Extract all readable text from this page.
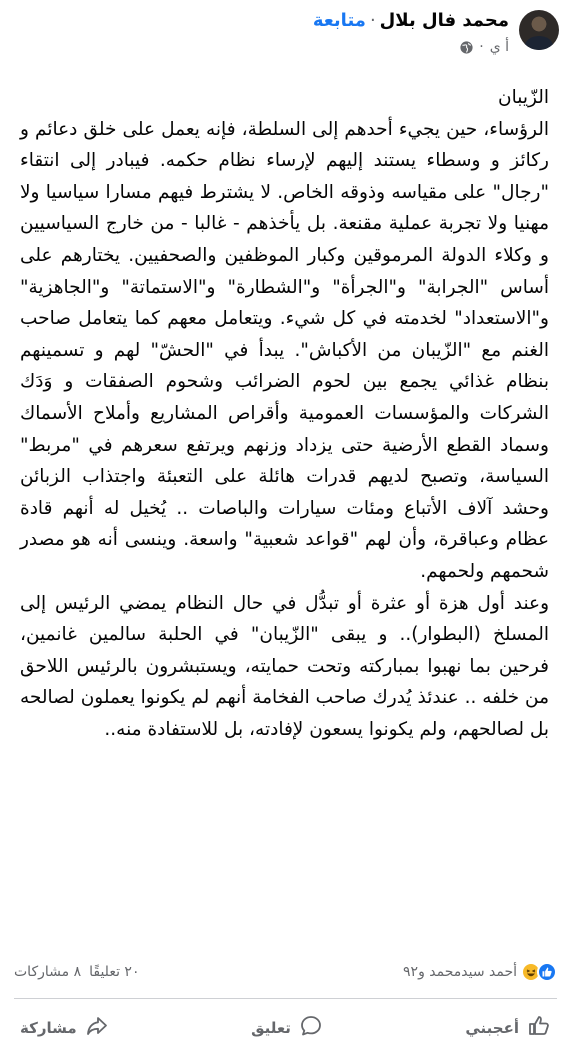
محمد فال بلال
·
متابعة
أ ي
·
الزّيبان
الرؤساء، حين يجيء أحدهم إلى السلطة، فإنه يعمل على خلق دعائم و ركائز و وسطاء يستند إليهم لإرساء نظام حكمه. فيبادر إلى انتقاء "رجال" على مقياسه وذوقه الخاص. لا يشترط فيهم مسارا سياسيا ولا مهنيا ولا تجربة عملية مقنعة. بل يأخذهم - غالبا - من خارج السياسيين و وكلاء الدولة المرموقين وكبار الموظفين والصحفيين. يختارهم على أساس "الجرابة" و"الجرأة" و"الشطارة" و"الاستماتة" و"الجاهزية" و"الاستعداد" لخدمته في كل شيء. ويتعامل معهم كما يتعامل صاحب الغنم مع "الزّيبان من الأكباش". يبدأ في "الحشّ" لهم و تسمينهم بنظام غذائي يجمع بين لحوم الضرائب وشحوم الصفقات و وَدَك الشركات والمؤسسات العمومية وأقراص المشاريع وأملاح الأسماك وسماد القطع الأرضية حتى يزداد وزنهم ويرتفع سعرهم في "مربط" السياسة، وتصبح لديهم قدرات هائلة على التعبئة واجتذاب الزبائن وحشد آلاف الأتباع ومئات سيارات والباصات .. يُخيل له أنهم قادة عظام وعباقرة، وأن لهم "قواعد شعبية" واسعة. وينسى أنه هو مصدر شحمهم ولحمهم.
وعند أول هزة أو عثرة أو تبدُّل في حال النظام يمضي الرئيس إلى المسلخ (البطوار).. و يبقى "الزّيبان" في الحلبة سالمين غانمين، فرحين بما نهبوا بمباركته وتحت حمايته، ويستبشرون بالرئيس اللاحق من خلفه .. عندئذ يُدرك صاحب الفخامة أنهم لم يكونوا يعملون لصالحه بل لصالحهم، ولم يكونوا يسعون لإفادته، بل للاستفادة منه..
أحمد سيدمحمد و٩٢
٢٠ تعليقًا
٨ مشاركات
أعجبني
تعليق
مشاركة
